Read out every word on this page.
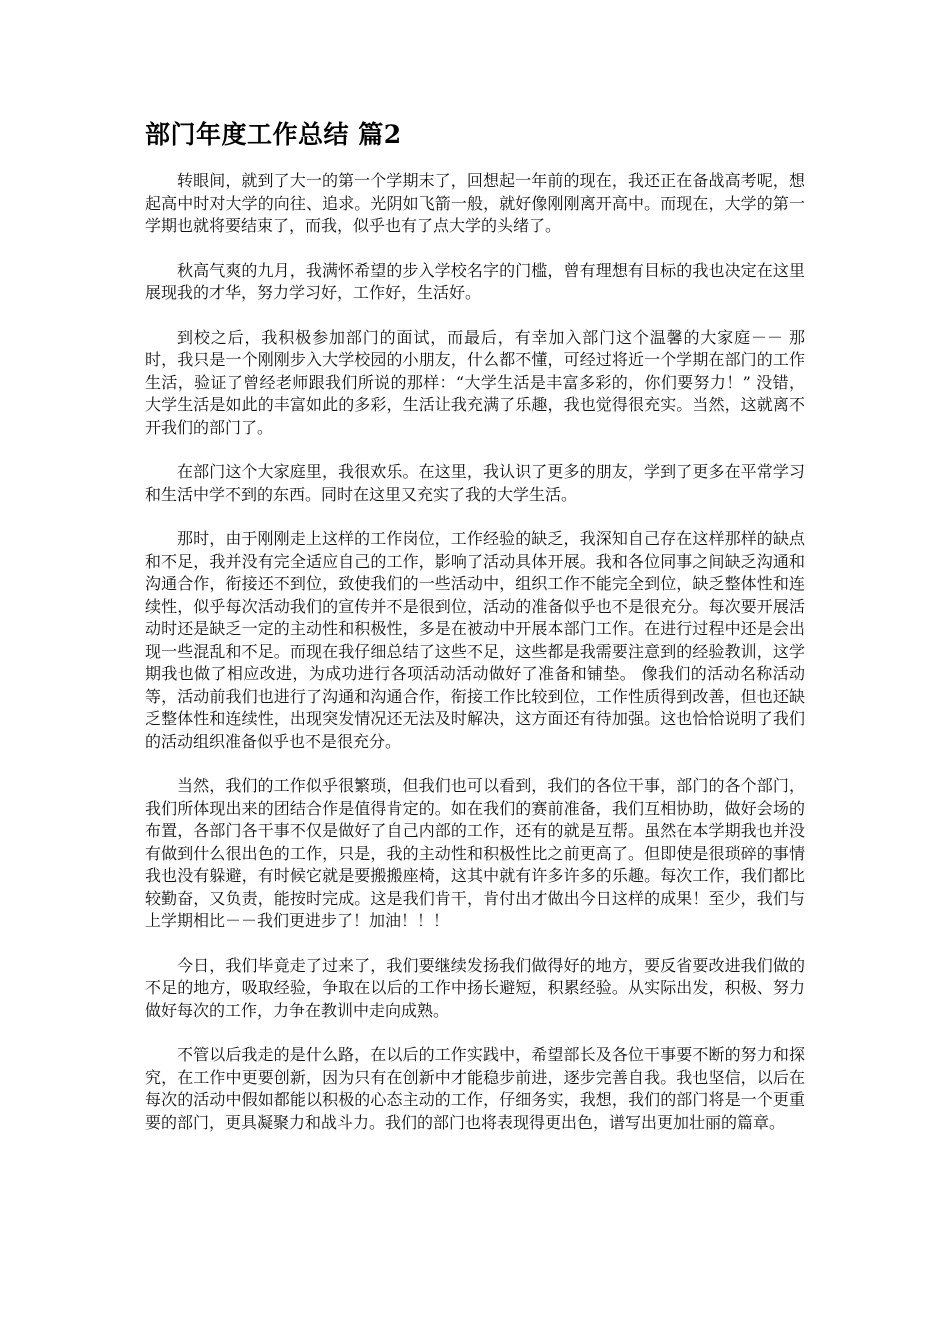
部门年度工作总结 篇2

转眼间，就到了大一的第一个学期末了，回想起一年前的现在，我还正在备战高考呢，想起高中时对大学的向往、追求。光阴如飞箭一般，就好像刚刚离开高中。而现在，大学的第一学期也就将要结束了，而我，似乎也有了点大学的头绪了。

秋高气爽的九月，我满怀希望的步入学校名字的门槛，曾有理想有目标的我也决定在这里展现我的才华，努力学习好，工作好，生活好。

到校之后，我积极参加部门的面试，而最后，有幸加入部门这个温馨的大家庭－－ 那时，我只是一个刚刚步入大学校园的小朋友，什么都不懂，可经过将近一个学期在部门的工作生活，验证了曾经老师跟我们所说的那样：“大学生活是丰富多彩的，你们要努力！” 没错，大学生活是如此的丰富如此的多彩，生活让我充满了乐趣，我也觉得很充实。当然，这就离不开我们的部门了。

在部门这个大家庭里，我很欢乐。在这里，我认识了更多的朋友，学到了更多在平常学习和生活中学不到的东西。同时在这里又充实了我的大学生活。

那时，由于刚刚走上这样的工作岗位，工作经验的缺乏，我深知自己存在这样那样的缺点和不足，我并没有完全适应自己的工作，影响了活动具体开展。我和各位同事之间缺乏沟通和沟通合作，衔接还不到位，致使我们的一些活动中，组织工作不能完全到位，缺乏整体性和连续性，似乎每次活动我们的宣传并不是很到位，活动的准备似乎也不是很充分。每次要开展活动时还是缺乏一定的主动性和积极性，多是在被动中开展本部门工作。在进行过程中还是会出现一些混乱和不足。而现在我仔细总结了这些不足，这些都是我需要注意到的经验教训，这学期我也做了相应改进，为成功进行各项活动活动做好了准备和铺垫。 像我们的活动名称活动等，活动前我们也进行了沟通和沟通合作，衔接工作比较到位，工作性质得到改善，但也还缺乏整体性和连续性，出现突发情况还无法及时解决，这方面还有待加强。这也恰恰说明了我们的活动组织准备似乎也不是很充分。

当然，我们的工作似乎很繁琐，但我们也可以看到，我们的各位干事，部门的各个部门，我们所体现出来的团结合作是值得肯定的。如在我们的赛前准备，我们互相协助，做好会场的布置，各部门各干事不仅是做好了自己内部的工作，还有的就是互帮。虽然在本学期我也并没有做到什么很出色的工作，只是，我的主动性和积极性比之前更高了。但即使是很琐碎的事情我也没有躲避，有时候它就是要搬搬座椅，这其中就有许多许多的乐趣。每次工作，我们都比较勤奋，又负责，能按时完成。这是我们肯干，肯付出才做出今日这样的成果！至少，我们与上学期相比－－我们更进步了！加油！！！

今日，我们毕竟走了过来了，我们要继续发扬我们做得好的地方，要反省要改进我们做的不足的地方，吸取经验，争取在以后的工作中扬长避短，积累经验。从实际出发，积极、努力做好每次的工作，力争在教训中走向成熟。

不管以后我走的是什么路，在以后的工作实践中，希望部长及各位干事要不断的努力和探究，在工作中更要创新，因为只有在创新中才能稳步前进，逐步完善自我。我也坚信，以后在每次的活动中假如都能以积极的心态主动的工作，仔细务实，我想，我们的部门将是一个更重要的部门，更具凝聚力和战斗力。我们的部门也将表现得更出色，谱写出更加壮丽的篇章。
